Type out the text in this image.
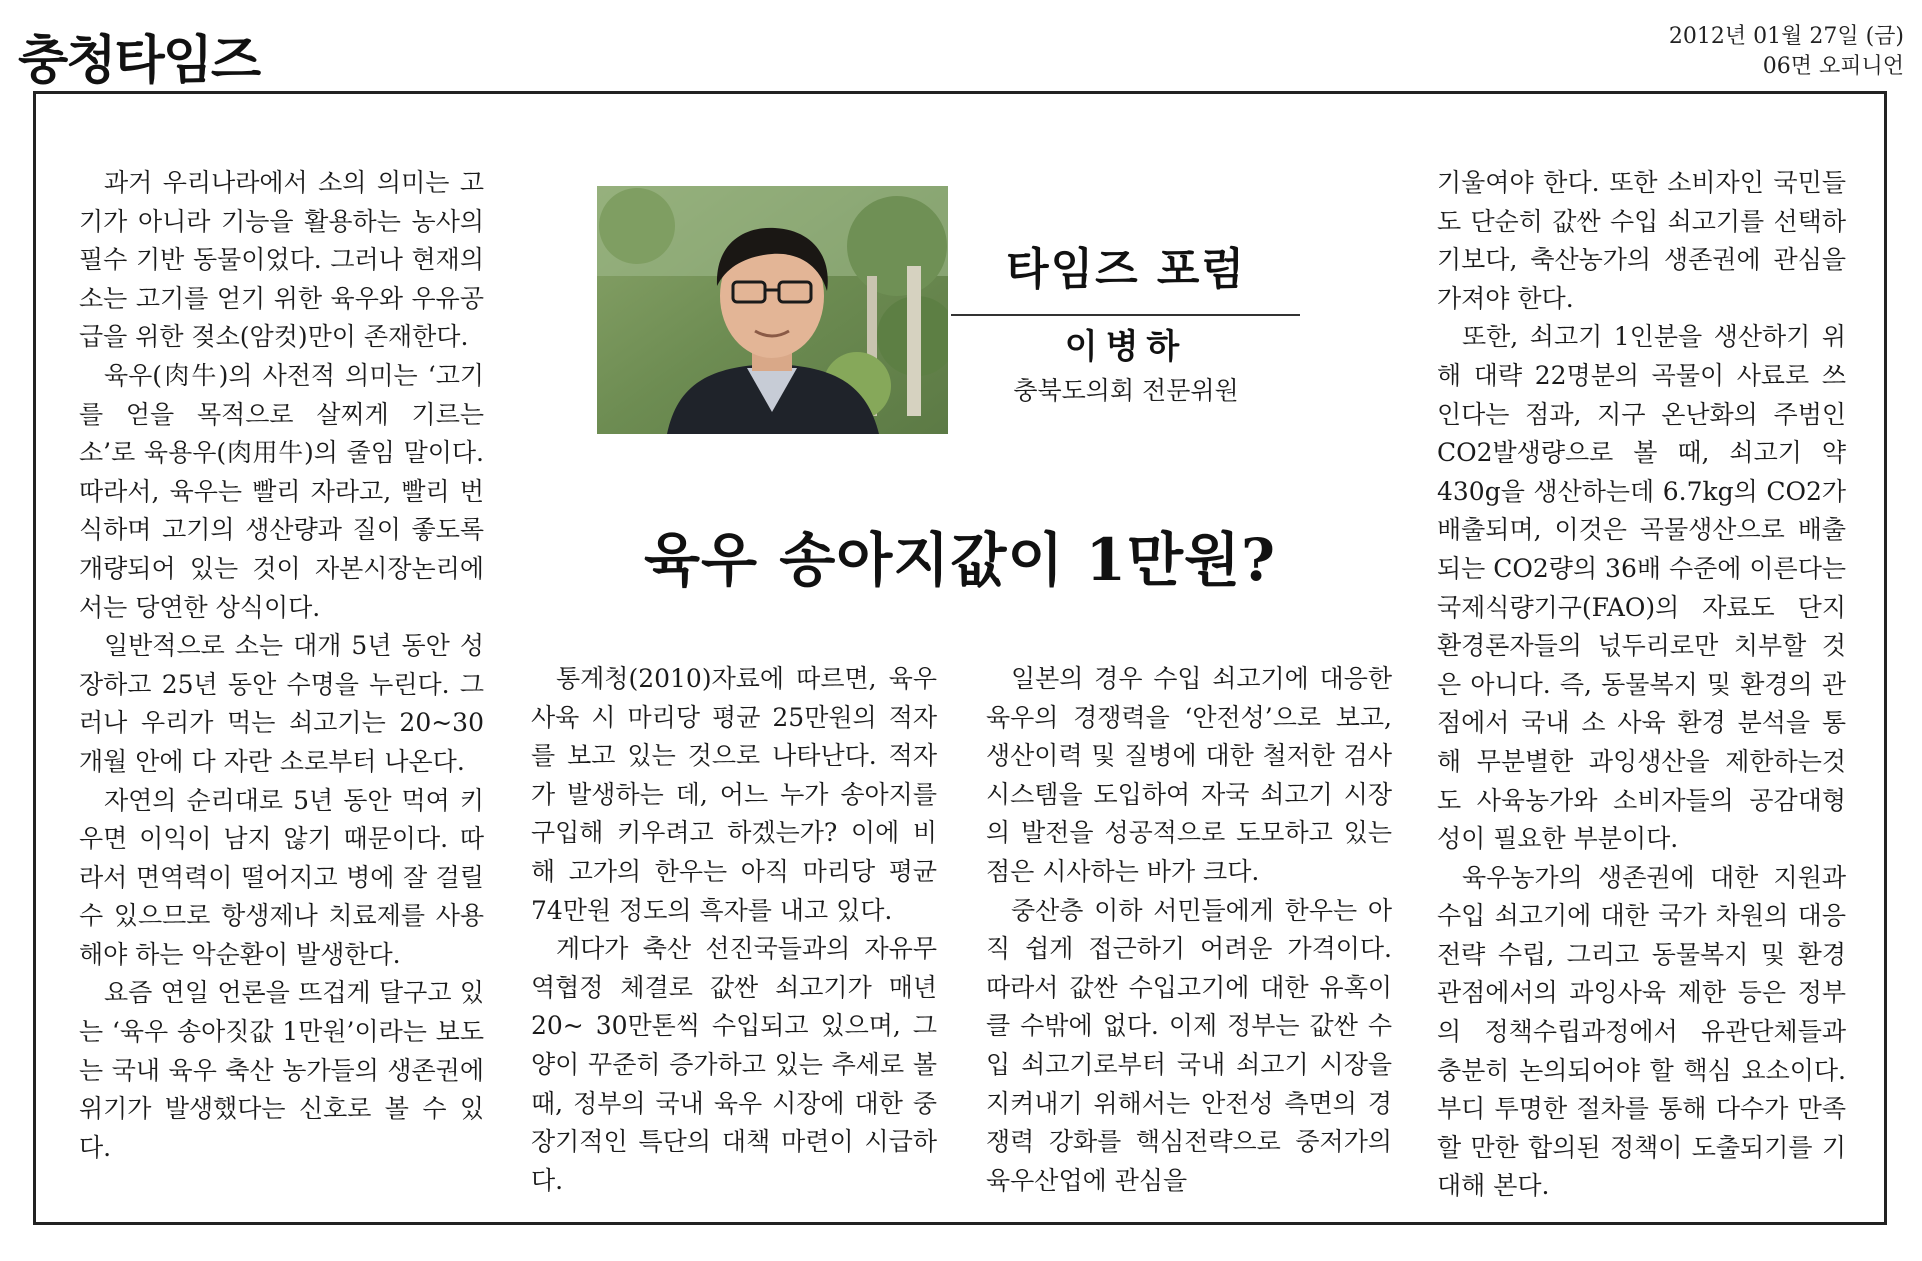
충청타임즈	2012년 01월 27일 (금)
06면 오피니언

과거 우리나라에서 소의 의미는 고기가 아니라 기능을 활용하는 농사의 필수 기반 동물이었다. 그러나 현재의 소는 고기를 얻기 위한 육우와 우유공급을 위한 젖소(암컷)만이 존재한다.

육우(肉牛)의 사전적 의미는 ‘고기를 얻을 목적으로 살찌게 기르는 소’로 육용우(肉用牛)의 줄임 말이다. 따라서, 육우는 빨리 자라고, 빨리 번식하며 고기의 생산량과 질이 좋도록 개량되어 있는 것이 자본시장논리에서는 당연한 상식이다.

일반적으로 소는 대개 5년 동안 성장하고 25년 동안 수명을 누린다. 그러나 우리가 먹는 쇠고기는 20~30개월 안에 다 자란 소로부터 나온다.

자연의 순리대로 5년 동안 먹여 키우면 이익이 남지 않기 때문이다. 따라서 면역력이 떨어지고 병에 잘 걸릴 수 있으므로 항생제나 치료제를 사용해야 하는 악순환이 발생한다.

요즘 연일 언론을 뜨겁게 달구고 있는 ‘육우 송아짓값 1만원’이라는 보도는 국내 육우 축산 농가들의 생존권에 위기가 발생했다는 신호로 볼 수 있다.

타임즈 포럼
이병하
충북도의회 전문위원
육우 송아지값이 1만원?

통계청(2010)자료에 따르면, 육우 사육 시 마리당 평균 25만원의 적자를 보고 있는 것으로 나타난다. 적자가 발생하는 데, 어느 누가 송아지를 구입해 키우려고 하겠는가? 이에 비해 고가의 한우는 아직 마리당 평균 74만원 정도의 흑자를 내고 있다.

게다가 축산 선진국들과의 자유무역협정 체결로 값싼 쇠고기가 매년 20~ 30만톤씩 수입되고 있으며, 그 양이 꾸준히 증가하고 있는 추세로 볼 때, 정부의 국내 육우 시장에 대한 중장기적인 특단의 대책 마련이 시급하다.

일본의 경우 수입 쇠고기에 대응한 육우의 경쟁력을 ‘안전성’으로 보고, 생산이력 및 질병에 대한 철저한 검사 시스템을 도입하여 자국 쇠고기 시장의 발전을 성공적으로 도모하고 있는 점은 시사하는 바가 크다.

중산층 이하 서민들에게 한우는 아직 쉽게 접근하기 어려운 가격이다. 따라서 값싼 수입고기에 대한 유혹이 클 수밖에 없다. 이제 정부는 값싼 수입 쇠고기로부터 국내 쇠고기 시장을 지켜내기 위해서는 안전성 측면의 경쟁력 강화를 핵심전략으로 중저가의 육우산업에 관심을

기울여야 한다. 또한 소비자인 국민들도 단순히 값싼 수입 쇠고기를 선택하기보다, 축산농가의 생존권에 관심을 가져야 한다.

또한, 쇠고기 1인분을 생산하기 위해 대략 22명분의 곡물이 사료로 쓰인다는 점과, 지구 온난화의 주범인 CO2발생량으로 볼 때, 쇠고기 약 430g을 생산하는데 6.7kg의 CO2가 배출되며, 이것은 곡물생산으로 배출되는 CO2량의 36배 수준에 이른다는 국제식량기구(FAO)의 자료도 단지 환경론자들의 넋두리로만 치부할 것은 아니다. 즉, 동물복지 및 환경의 관점에서 국내 소 사육 환경 분석을 통해 무분별한 과잉생산을 제한하는것도 사육농가와 소비자들의 공감대형성이 필요한 부분이다.

육우농가의 생존권에 대한 지원과 수입 쇠고기에 대한 국가 차원의 대응전략 수립, 그리고 동물복지 및 환경 관점에서의 과잉사육 제한 등은 정부의 정책수립과정에서 유관단체들과 충분히 논의되어야 할 핵심 요소이다. 부디 투명한 절차를 통해 다수가 만족할 만한 합의된 정책이 도출되기를 기대해 본다.
